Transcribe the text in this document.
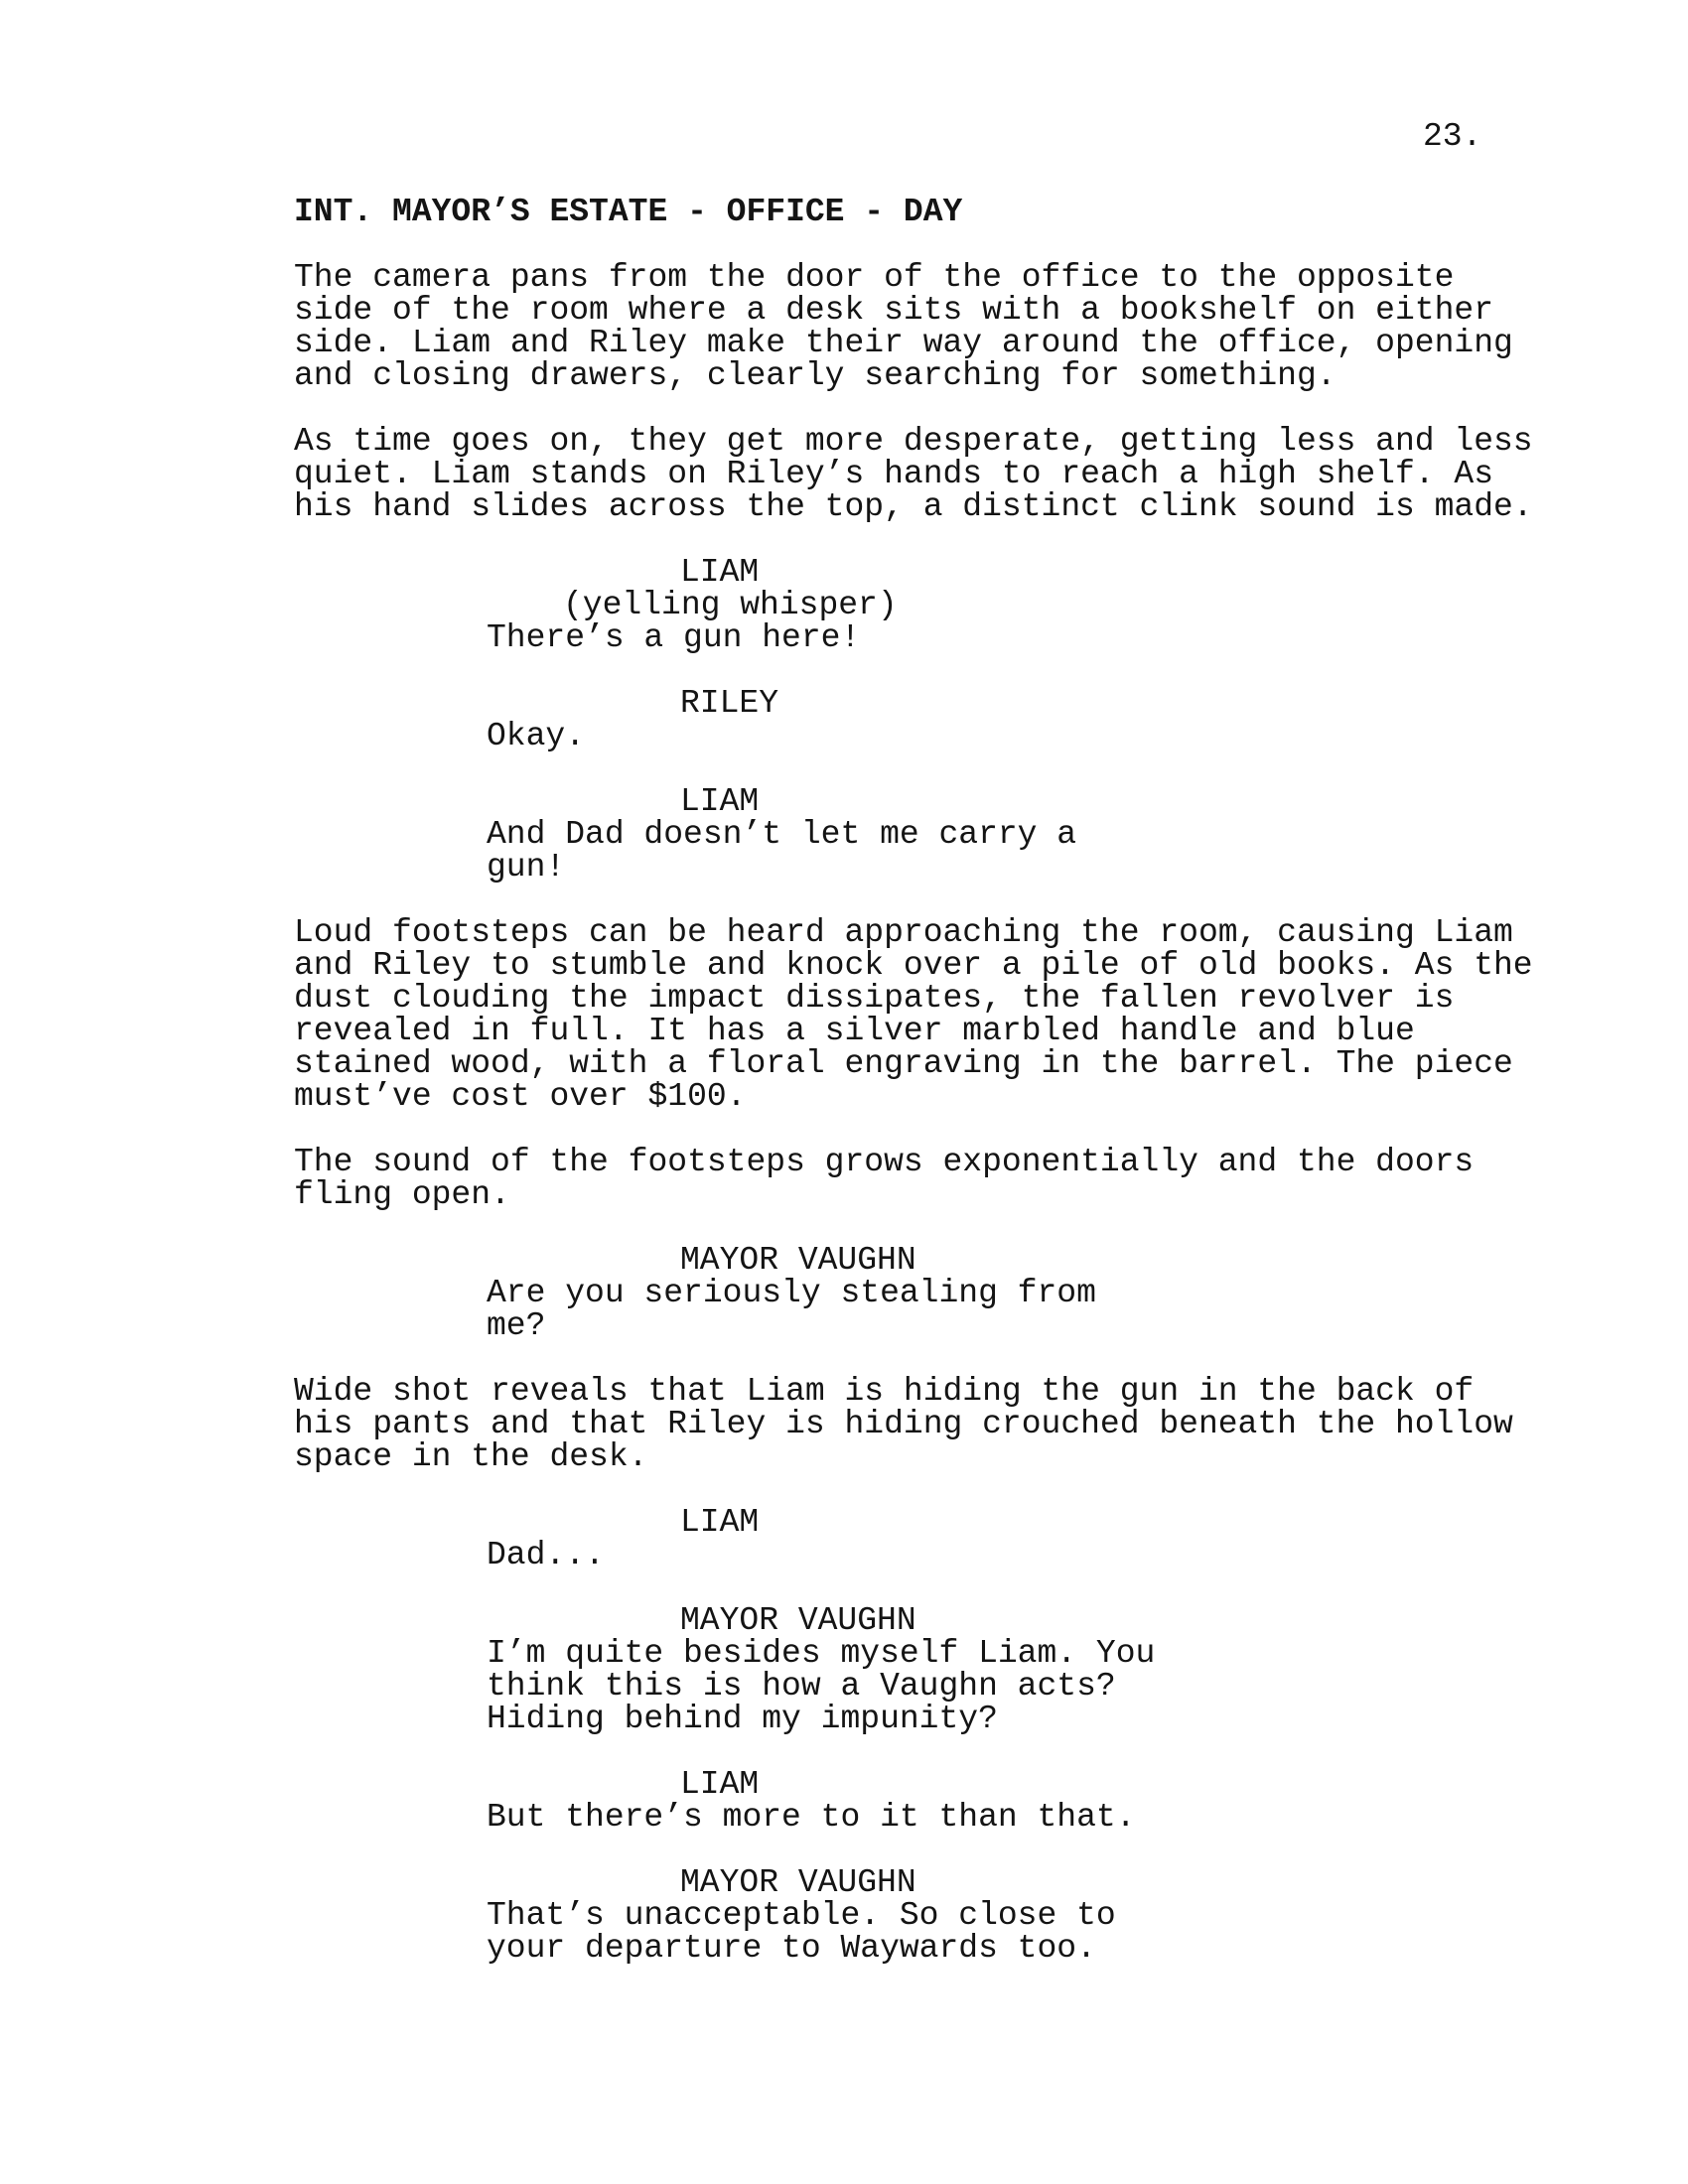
23.
INT. MAYOR’S ESTATE - OFFICE - DAY
The camera pans from the door of the office to the opposite
side of the room where a desk sits with a bookshelf on either
side. Liam and Riley make their way around the office, opening
and closing drawers, clearly searching for something.
As time goes on, they get more desperate, getting less and less
quiet. Liam stands on Riley’s hands to reach a high shelf. As
his hand slides across the top, a distinct clink sound is made.
LIAM
(yelling whisper)
There’s a gun here!
RILEY
Okay.
LIAM
And Dad doesn’t let me carry a
gun!
Loud footsteps can be heard approaching the room, causing Liam
and Riley to stumble and knock over a pile of old books. As the
dust clouding the impact dissipates, the fallen revolver is
revealed in full. It has a silver marbled handle and blue
stained wood, with a floral engraving in the barrel. The piece
must’ve cost over $100.
The sound of the footsteps grows exponentially and the doors
fling open.
MAYOR VAUGHN
Are you seriously stealing from
me?
Wide shot reveals that Liam is hiding the gun in the back of
his pants and that Riley is hiding crouched beneath the hollow
space in the desk.
LIAM
Dad...
MAYOR VAUGHN
I’m quite besides myself Liam. You
think this is how a Vaughn acts?
Hiding behind my impunity?
LIAM
But there’s more to it than that.
MAYOR VAUGHN
That’s unacceptable. So close to
your departure to Waywards too.
